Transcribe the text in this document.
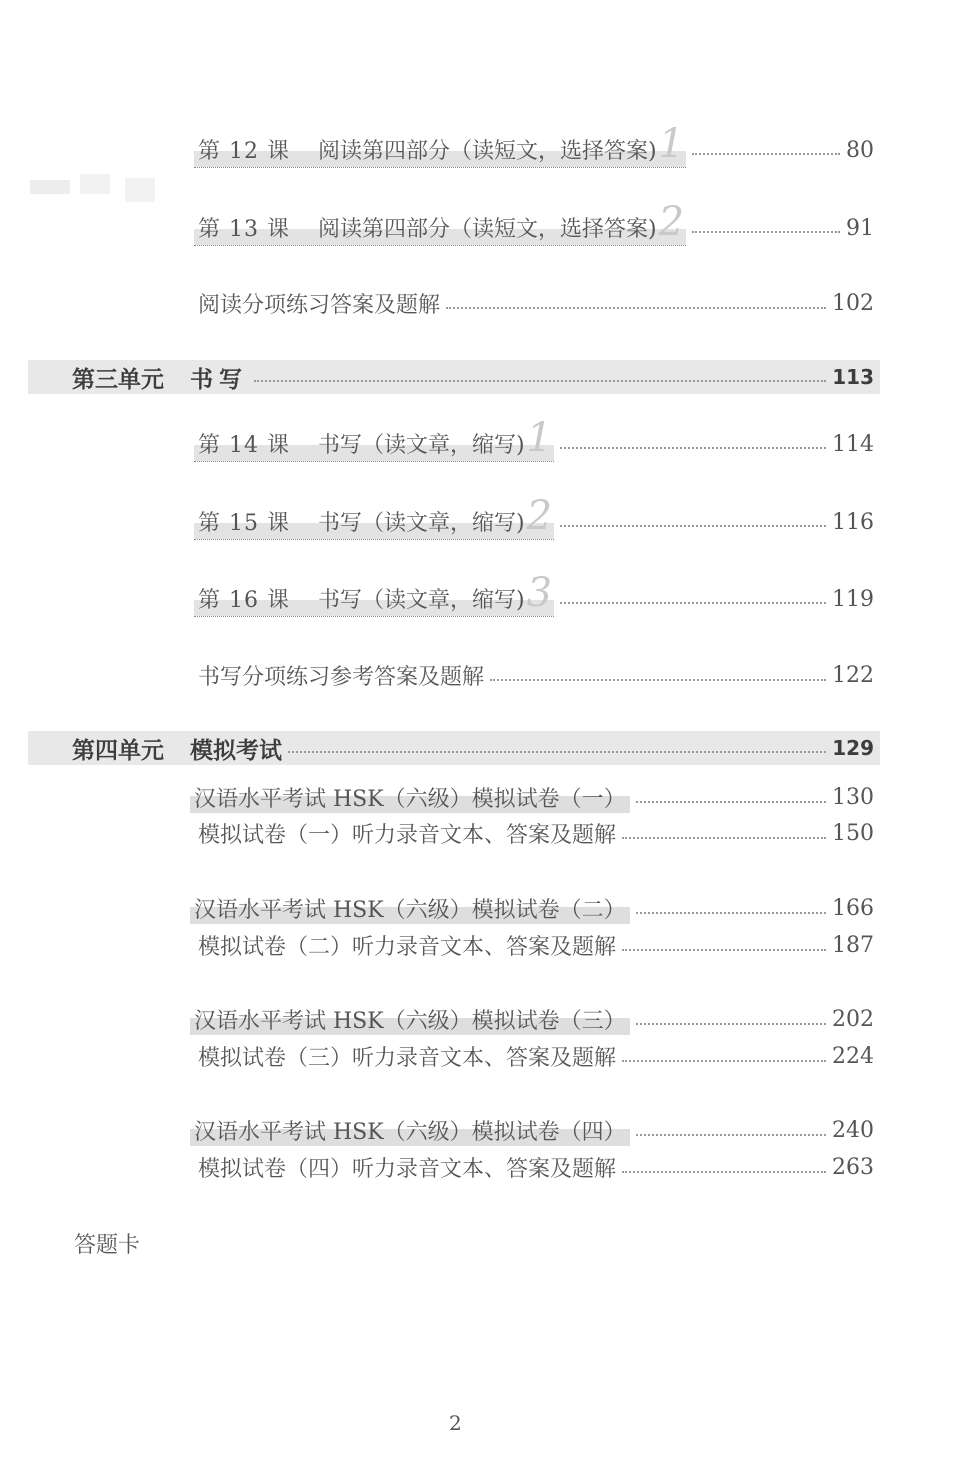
第 12 课 阅读第四部分（读短文，选择答案) 1	80
第 13 课 阅读第四部分（读短文，选择答案) 2	91
阅读分项练习答案及题解	102
第三单元 书写	113
第 14 课 书写（读文章，缩写) 1	114
第 15 课 书写（读文章，缩写) 2	116
第 16 课 书写（读文章，缩写) 3	119
书写分项练习参考答案及题解	122
第四单元 模拟考试	129
汉语水平考试 HSK（六级）模拟试卷（一）	130
模拟试卷（一）听力录音文本、答案及题解	150
汉语水平考试 HSK（六级）模拟试卷（二）	166
模拟试卷（二）听力录音文本、答案及题解	187
汉语水平考试 HSK（六级）模拟试卷（三）	202
模拟试卷（三）听力录音文本、答案及题解	224
汉语水平考试 HSK（六级）模拟试卷（四）	240
模拟试卷（四）听力录音文本、答案及题解	263
答题卡
2
